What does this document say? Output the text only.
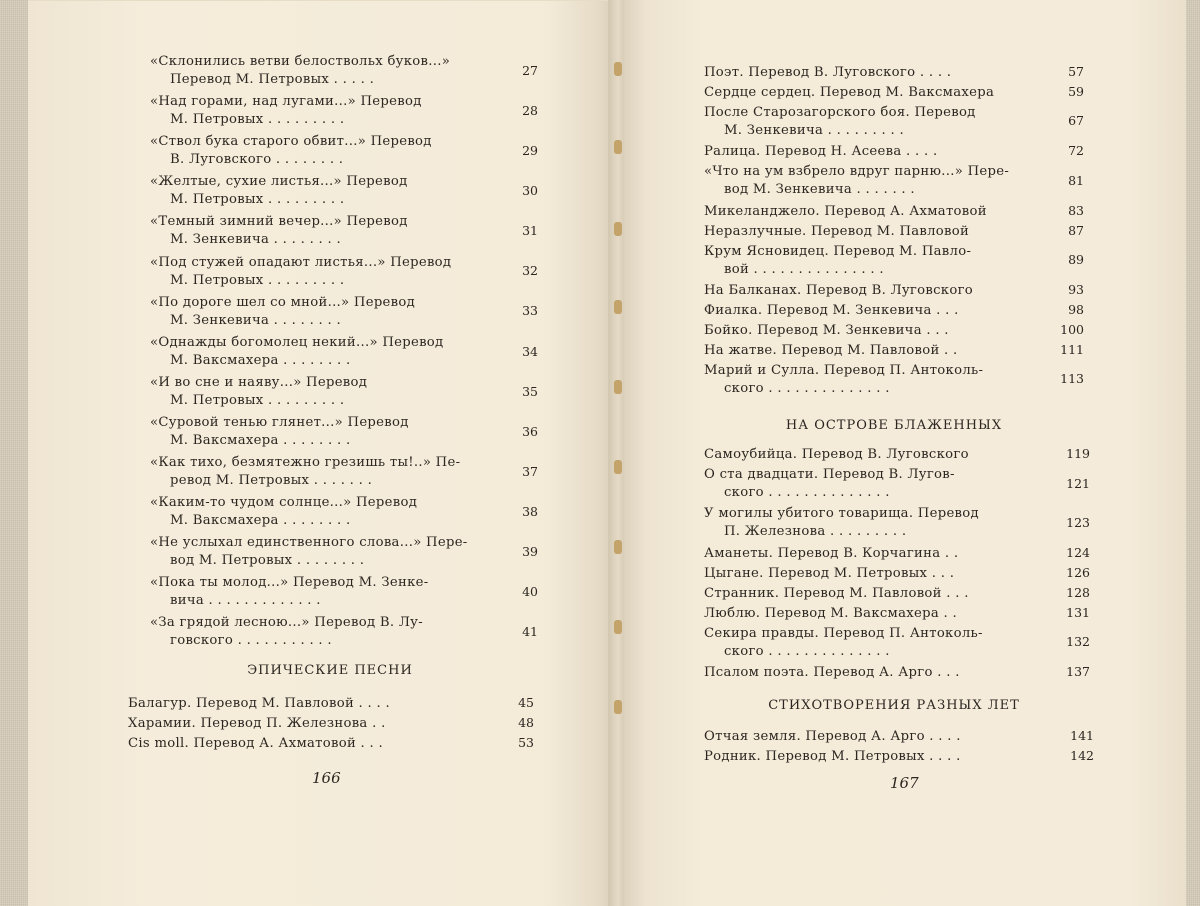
«Склонились ветви белоствольх буков...»
Перевод М. Петровых . . . . .
27
«Над горами, над лугами...» Перевод
М. Петровых . . . . . . . . .
28
«Ствол бука старого обвит...» Перевод
В. Луговского . . . . . . . .
29
«Желтые, сухие листья...» Перевод
М. Петровых . . . . . . . . .
30
«Темный зимний вечер...» Перевод
М. Зенкевича . . . . . . . .
31
«Под стужей опадают листья...» Перевод
М. Петровых . . . . . . . . .
32
«По дороге шел со мной...» Перевод
М. Зенкевича . . . . . . . .
33
«Однажды богомолец некий...» Перевод
М. Ваксмахера . . . . . . . .
34
«И во сне и наяву...» Перевод
М. Петровых . . . . . . . . .
35
«Суровой тенью глянет...» Перевод
М. Ваксмахера . . . . . . . .
36
«Как тихо, безмятежно грезишь ты!..» Пе-
ревод М. Петровых . . . . . . .
37
«Каким-то чудом солнце...» Перевод
М. Ваксмахера . . . . . . . .
38
«Не услыхал единственного слова...» Пере-
вод М. Петровых . . . . . . . .
39
«Пока ты молод...» Перевод М. Зенке-
вича . . . . . . . . . . . . .
40
«За грядой лесною...» Перевод В. Лу-
говского . . . . . . . . . . .
41
ЭПИЧЕСКИЕ ПЕСНИ
Балагур. Перевод М. Павловой . . . .	45
Харамии. Перевод П. Железнова . .	48
Cis moll. Перевод А. Ахматовой . . .	53
166
Поэт. Перевод В. Луговского . . . .	57
Сердце сердец. Перевод М. Ваксмахера	59
После Старозагорского боя. Перевод
М. Зенкевича . . . . . . . . .
67
Ралица. Перевод Н. Асеева . . . .	72
«Что на ум взбрело вдруг парню...» Пере-
вод М. Зенкевича . . . . . . .
81
Микеланджело. Перевод А. Ахматовой	83
Неразлучные. Перевод М. Павловой	87
Крум Ясновидец. Перевод М. Павло-
вой . . . . . . . . . . . . . . .
89
На Балканах. Перевод В. Луговского	93
Фиалка. Перевод М. Зенкевича . . .	98
Бойко. Перевод М. Зенкевича . . .	100
На жатве. Перевод М. Павловой . .	111
Марий и Сулла. Перевод П. Антоколь-
ского . . . . . . . . . . . . . .
113
НА ОСТРОВЕ БЛАЖЕННЫХ
Самоубийца. Перевод В. Луговского	119
О ста двадцати. Перевод В. Лугов-
ского . . . . . . . . . . . . . .
121
У могилы убитого товарища. Перевод
П. Железнова . . . . . . . . .
123
Аманеты. Перевод В. Корчагина . .	124
Цыгане. Перевод М. Петровых . . .	126
Странник. Перевод М. Павловой . . .	128
Люблю. Перевод М. Ваксмахера . .	131
Секира правды. Перевод П. Антоколь-
ского . . . . . . . . . . . . . .
132
Псалом поэта. Перевод А. Арго . . .	137
СТИХОТВОРЕНИЯ РАЗНЫХ ЛЕТ
Отчая земля. Перевод А. Арго . . . .	141
Родник. Перевод М. Петровых . . . .	142
167
